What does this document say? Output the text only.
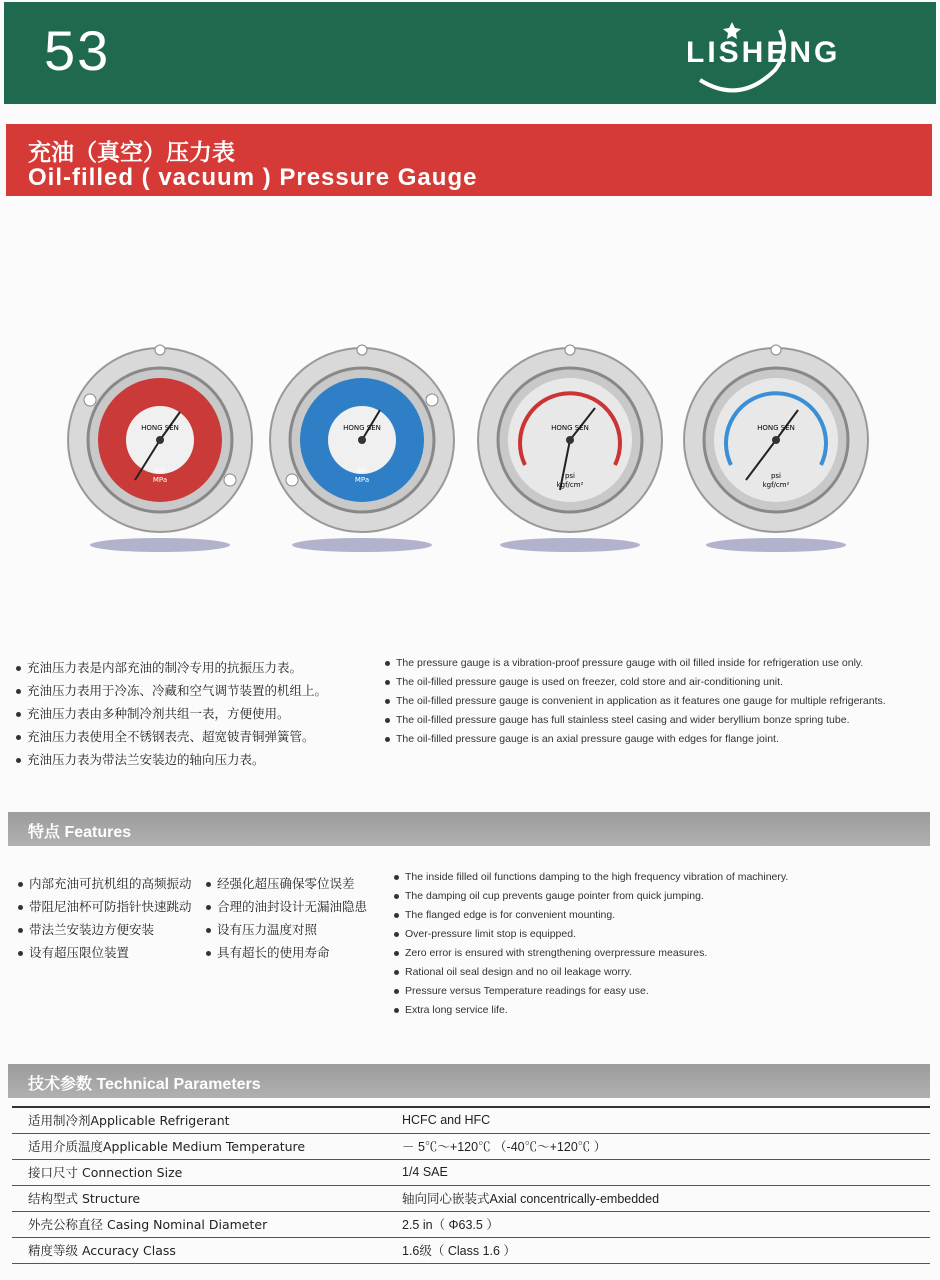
53	LISHENG
充油（真空）压力表
Oil-filled ( vacuum ) Pressure Gauge
HONG SEN
psi
MPa
HONG SEN
psi
MPa
HONG SEN
psi
kgf/cm²
HONG SEN
psi
kgf/cm²
充油压力表是内部充油的制冷专用的抗振压力表。
充油压力表用于冷冻、冷藏和空气调节装置的机组上。
充油压力表由多种制冷剂共组一表，方便使用。
充油压力表使用全不锈钢表壳、超宽铍青铜弹簧管。
充油压力表为带法兰安装边的轴向压力表。
The pressure gauge is a vibration-proof pressure gauge with oil filled inside for refrigeration use only.
The oil-filled pressure gauge is used on freezer, cold store and air-conditioning unit.
The oil-filled pressure gauge is convenient in application as it features one gauge for multiple refrigerants.
The oil-filled pressure gauge has full stainless steel casing and wider beryllium bonze spring tube.
The oil-filled pressure gauge is an axial pressure gauge with edges for flange joint.
特点 Features
内部充油可抗机组的高频振动
带阻尼油杯可防指针快速跳动
带法兰安装边方便安装
设有超压限位装置
经强化超压确保零位误差
合理的油封设计无漏油隐患
设有压力温度对照
具有超长的使用寿命
The inside filled oil functions damping to the high frequency vibration of machinery.
The damping oil cup prevents gauge pointer from quick jumping.
The flanged edge is for convenient mounting.
Over-pressure limit stop is equipped.
Zero error is ensured with strengthening overpressure measures.
Rational oil seal design and no oil leakage worry.
Pressure versus Temperature readings for easy use.
Extra long service life.
技术参数 Technical Parameters
适用制冷剂Applicable Refrigerant	HCFC and HFC
适用介质温度Applicable Medium Temperature	－ 5℃～+120℃ （-40℃～+120℃ ）
接口尺寸 Connection Size	1/4 SAE
结构型式 Structure	轴向同心嵌装式Axial concentrically-embedded
外壳公称直径 Casing Nominal Diameter	2.5 in（ Φ63.5 ）
精度等级 Accuracy Class	1.6级（ Class 1.6 ）
